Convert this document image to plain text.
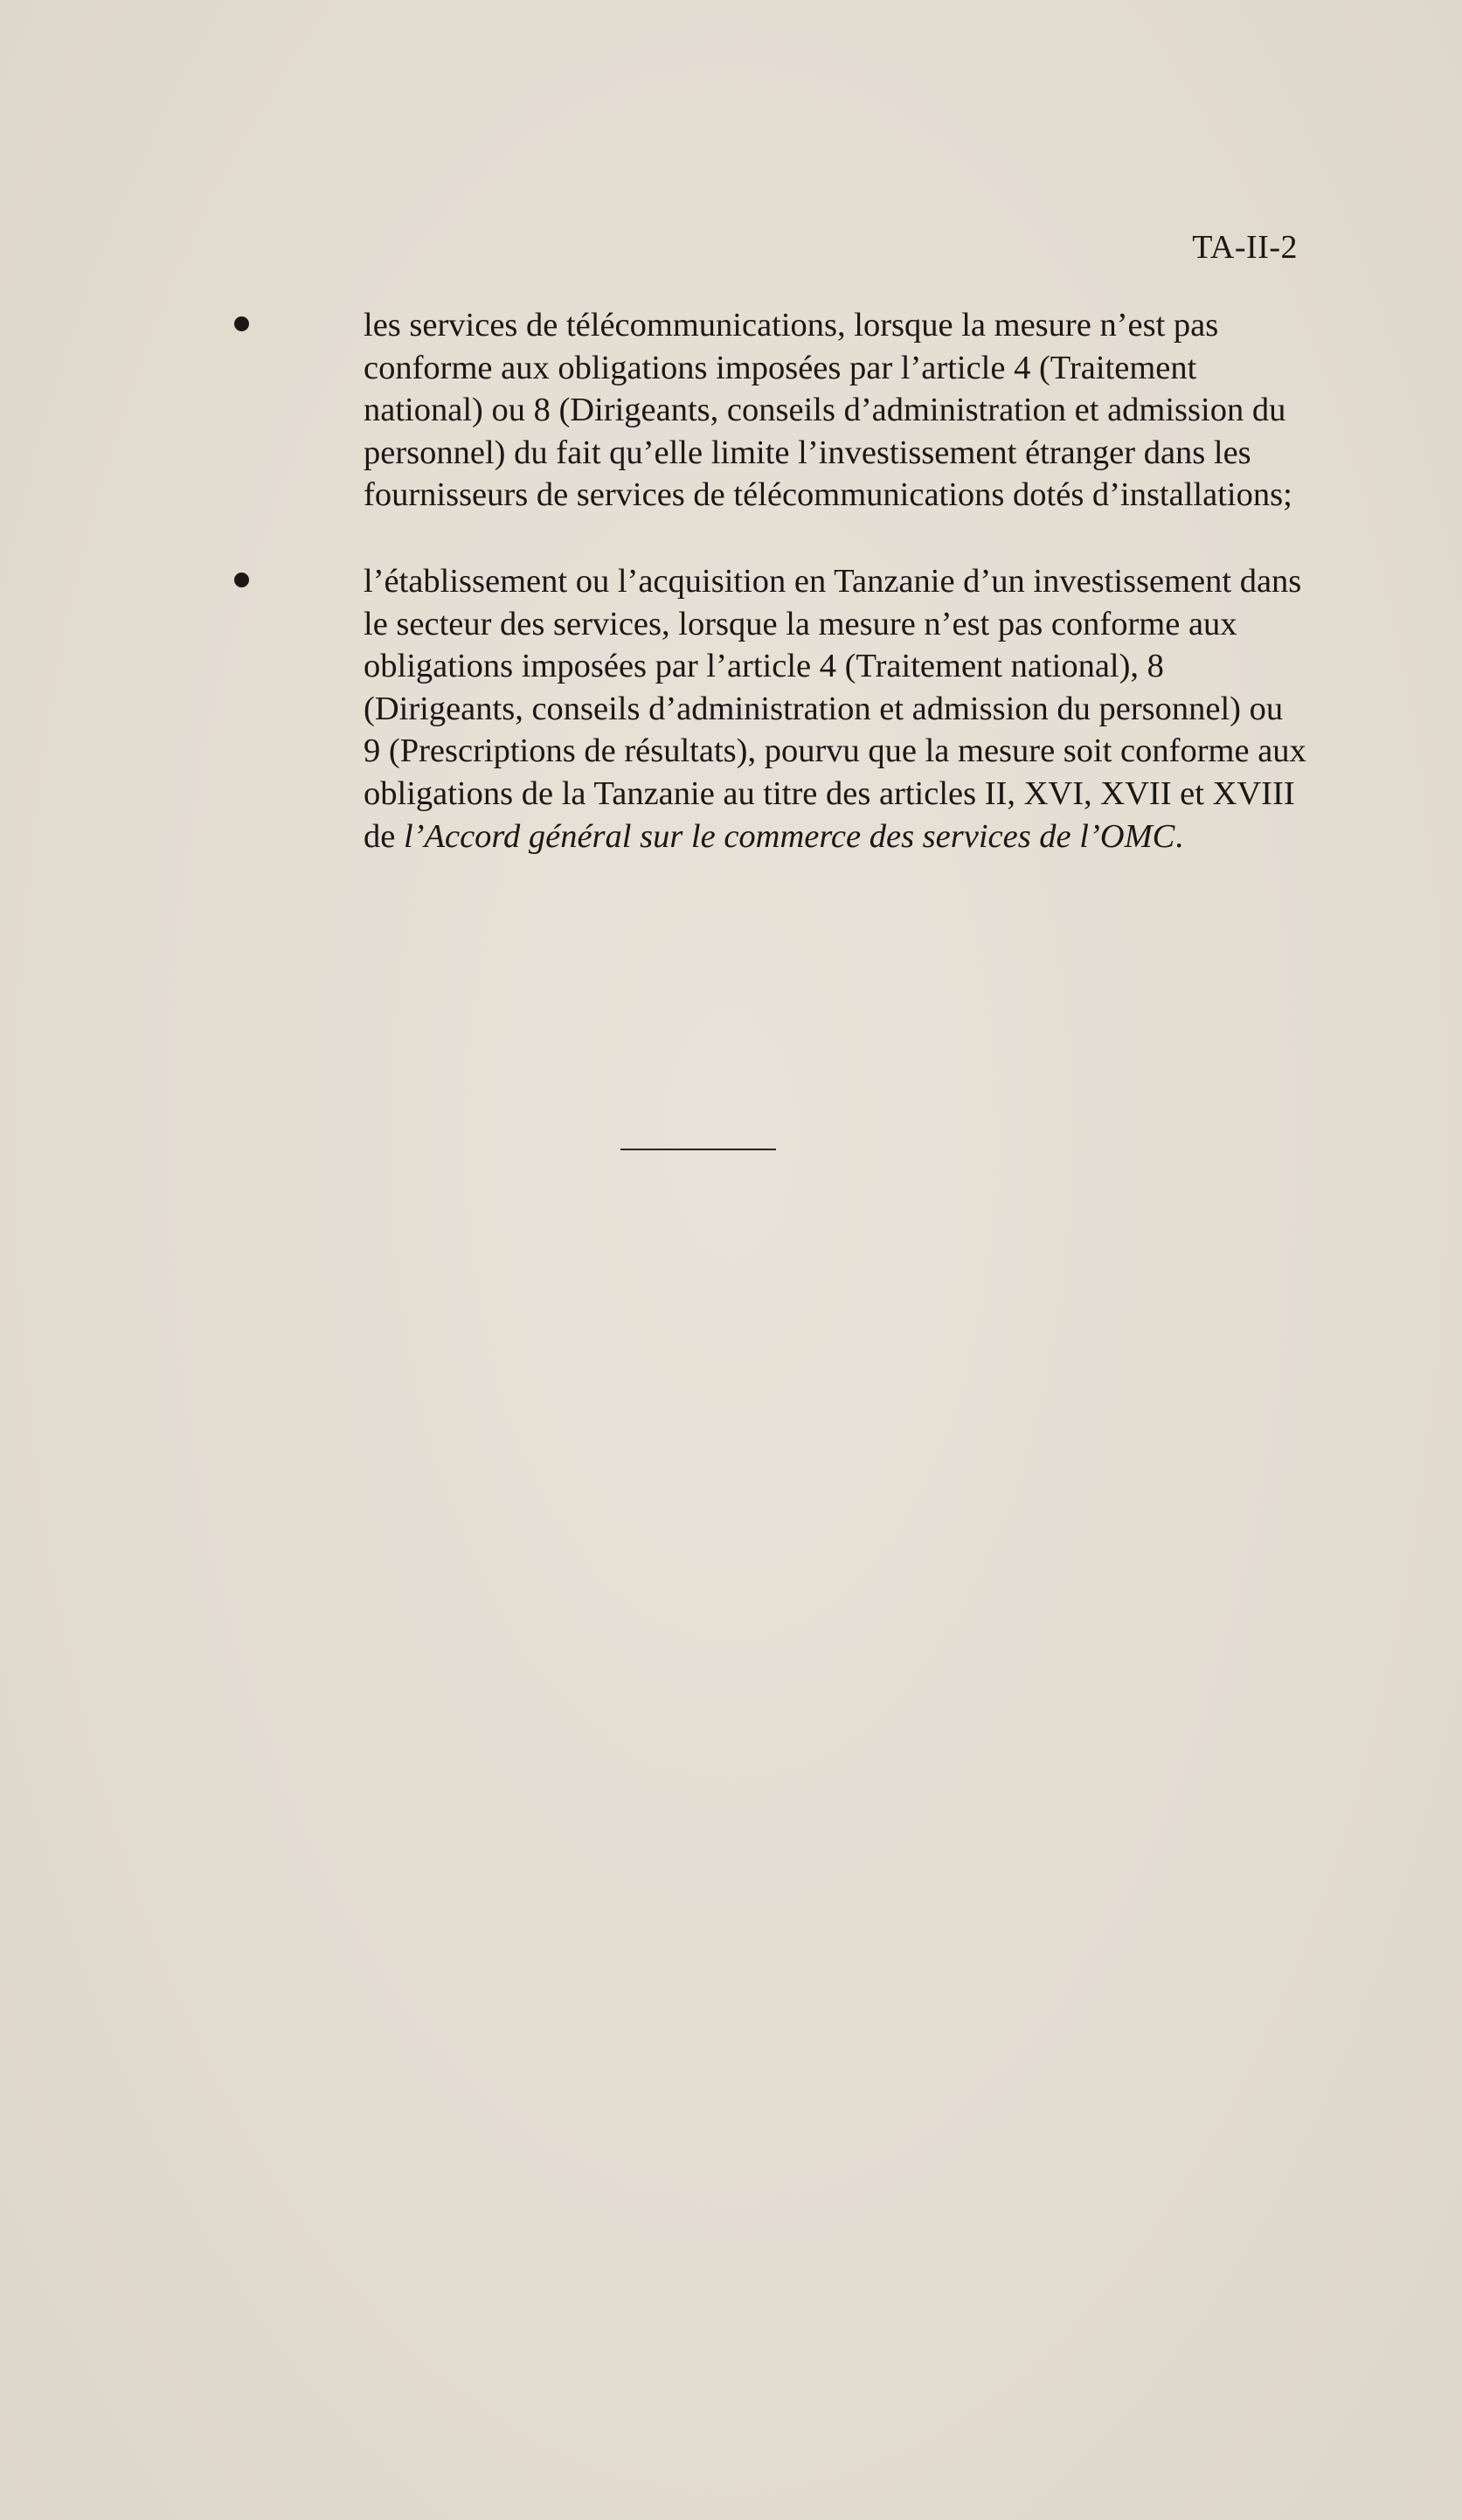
TA-II-2

les services de télécommunications, lorsque la mesure n’est pas conforme aux obligations imposées par l’article 4 (Traitement national) ou 8 (Dirigeants, conseils d’administration et admission du personnel) du fait qu’elle limite l’investissement étranger dans les fournisseurs de services de télécommunications dotés d’installations;

l’établissement ou l’acquisition en Tanzanie d’un investissement dans le secteur des services, lorsque la mesure n’est pas conforme aux obligations imposées par l’article 4 (Traitement national), 8 (Dirigeants, conseils d’administration et admission du personnel) ou 9 (Prescriptions de résultats), pourvu que la mesure soit conforme aux obligations de la Tanzanie au titre des articles II, XVI, XVII et XVIII de l’Accord général sur le commerce des services de l’OMC.
